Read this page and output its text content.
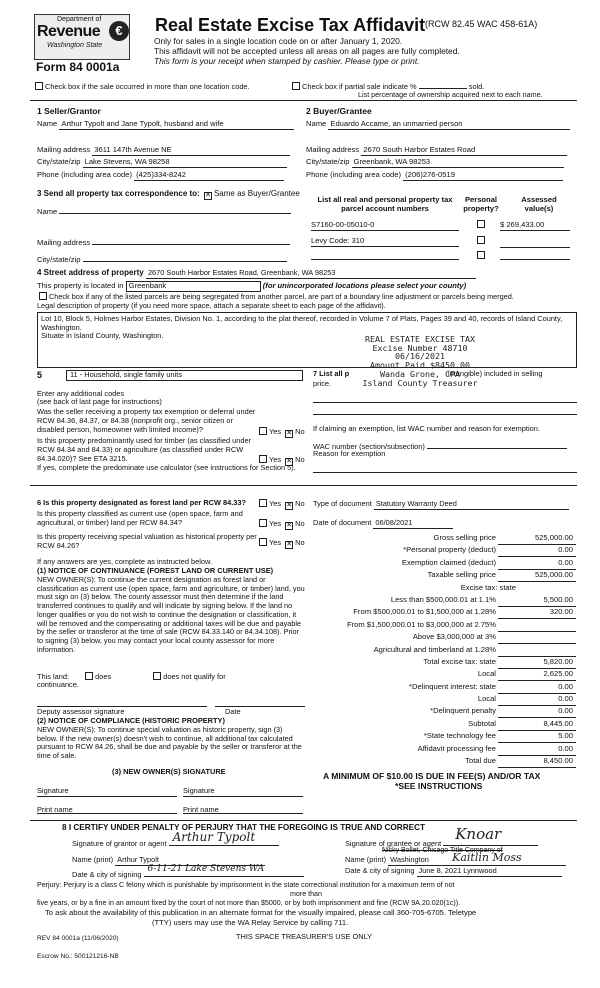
Department of
Revenue
Washington State
€
Form 84 0001a
Real Estate Excise Tax Affidavit (RCW 82.45 WAC 458-61A)
Only for sales in a single location code on or after January 1, 2020.
This affidavit will not be accepted unless all areas on all pages are fully completed.
This form is your receipt when stamped by cashier. Please type or print.
Check box if the sale occurred in more than one location code.	Check box if partial sale indicate %	sold.
List percentage of ownership acquired next to each name.
1 Seller/Grantor
Name Arthur Typolt and Jane Typolt, husband and wife
Mailing address 3611 147th Avenue NE
City/state/zip Lake Stevens, WA 98258
Phone (including area code) (425)334-8242
2 Buyer/Grantee
Name Eduardo Accame, an unmarried person
Mailing address 2670 South Harbor Estates Road
City/state/zip Greenbank, WA 98253
Phone (including area code) (206)276-0519
3 Send all property tax correspondence to: ✕ Same as Buyer/Grantee
Name
Mailing address
City/state/zip
List all real and personal property tax parcel account numbers
Personal property?
Assessed value(s)
S7160-00-05010-0	$ 269,433.00
Levy Code: 310
4 Street address of property 2670 South Harbor Estates Road, Greenbank, WA 98253
This property is located in Greenbank	(for unincorporated locations please select your county)
Check box if any of the listed parcels are being segregated from another parcel, are part of a boundary line adjustment or parcels being merged.
Legal description of property (if you need more space, attach a separate sheet to each page of the affidavit).
Lot 10, Block 5, Holmes Harbor Estates, Division No. 1, according to the plat thereof, recorded in Volume 7 of Plats, Pages 39 and 40, records of Island County, Washington.
Situate in Island County, Washington.	REAL ESTATE EXCISE TAX
Excise Number 48710
06/16/2021
Amount Paid $8450.00
Wanda Grone, CPA
Island County Treasurer
5	11 - Household, single family units	7 List all p	intangible) included in selling
price.
Enter any additional codes
(see back of last page for instructions)
Was the seller receiving a property tax exemption or deferral under RCW 84.36, 84.37, or 84.38 (nonprofit org., senior citizen or disabled person, homeowner with limited income)?	Yes ✕ No
Is this property predominantly used for timber (as classified under RCW 84.34 and 84.33) or agriculture (as classified under RCW 84.34.020)? See ETA 3215.	Yes ✕ No
If yes, complete the predominate use calculator (see instructions for Section 5).
If claiming an exemption, list WAC number and reason for exemption.
WAC number (section/subsection)
Reason for exemption
6 Is this property designated as forest land per RCW 84.33?	Yes ✕ No
Is this property classified as current use (open space, farm and agricultural, or timber) land per RCW 84.34?	Yes ✕ No
Is this property receiving special valuation as historical property per RCW 84.26?	Yes ✕ No
If any answers are yes, complete as instructed below.
(1) NOTICE OF CONTINUANCE (FOREST LAND OR CURRENT USE)
NEW OWNER(S): To continue the current designation as forest land or classification as current use (open space, farm and agriculture, or timber) land, you must sign on (3) below. The county assessor must then determine if the land transferred continues to qualify and will indicate by signing below. If the land no longer qualifies or you do not wish to continue the designation or classification, it will be removed and the compensating or additional taxes will be due and payable by the seller or transferor at the time of sale (RCW 84.33.140 or 84.34.108). Prior to signing (3) below, you may contact your local county assessor for more information.
This land:	does	does not qualify for
continuance.
Deputy assessor signature	Date
(2) NOTICE OF COMPLIANCE (HISTORIC PROPERTY)
NEW OWNER(S): To continue special valuation as historic property, sign (3) below. If the new owner(s) doesn't wish to continue, all additional tax calculated pursuant to RCW 84.26, shall be due and payable by the seller or transferor at the time of sale.
(3) NEW OWNER(S) SIGNATURE
Signature	Signature
Print name	Print name
Type of document Statutory Warranty Deed
Date of document 06/08/2021
Gross selling price	525,000.00
*Personal property (deduct)	0.00
Exemption claimed (deduct)	0.00
Taxable selling price	525,000.00
Excise tax: state
Less than $500,000.01 at 1.1%	5,500.00
From $500,000.01 to $1,500,000 at 1.28%	320.00
From $1,500,000.01 to $3,000,000 at 2.75%
Above $3,000,000 at 3%
Agricultural and timberland at 1.28%
Total excise tax: state	5,820.00
Local	2,625.00
*Delinquent interest: state	0.00
Local	0.00
*Delinquent penalty	0.00
Subtotal	8,445.00
*State technology fee	5.00
Affidavit processing fee	0.00
Total due	8,450.00
A MINIMUM OF $10.00 IS DUE IN FEE(S) AND/OR TAX
*SEE INSTRUCTIONS
8 I CERTIFY UNDER PENALTY OF PERJURY THAT THE FOREGOING IS TRUE AND CORRECT
Signature of grantor or agent Arthur Typolt
Name (print) Arthur Typolt
Date & city of signing
6-11-21 Lake Stevens WA
Signature of grantee or agent
Knoar
Nicky Bollet, Chicago Title Company of
Name (print) Washington Kaitlin Moss
Date & city of signing June 8, 2021 Lynnwood
Perjury: Perjury is a class C felony which is punishable by imprisonment in the state correctional institution for a maximum term of not
more than
five years, or by a fine in an amount fixed by the court of not more than $5000, or by both imprisonment and fine (RCW 9A.20.020(1c)).
To ask about the availability of this publication in an alternate format for the visually impaired, please call 360-705-6705. Teletype
(TTY) users may use the WA Relay Service by calling 711.
REV 84 0001a (11/06/2020)	THIS SPACE TREASURER'S USE ONLY
Escrow No.: 500121216-NB
